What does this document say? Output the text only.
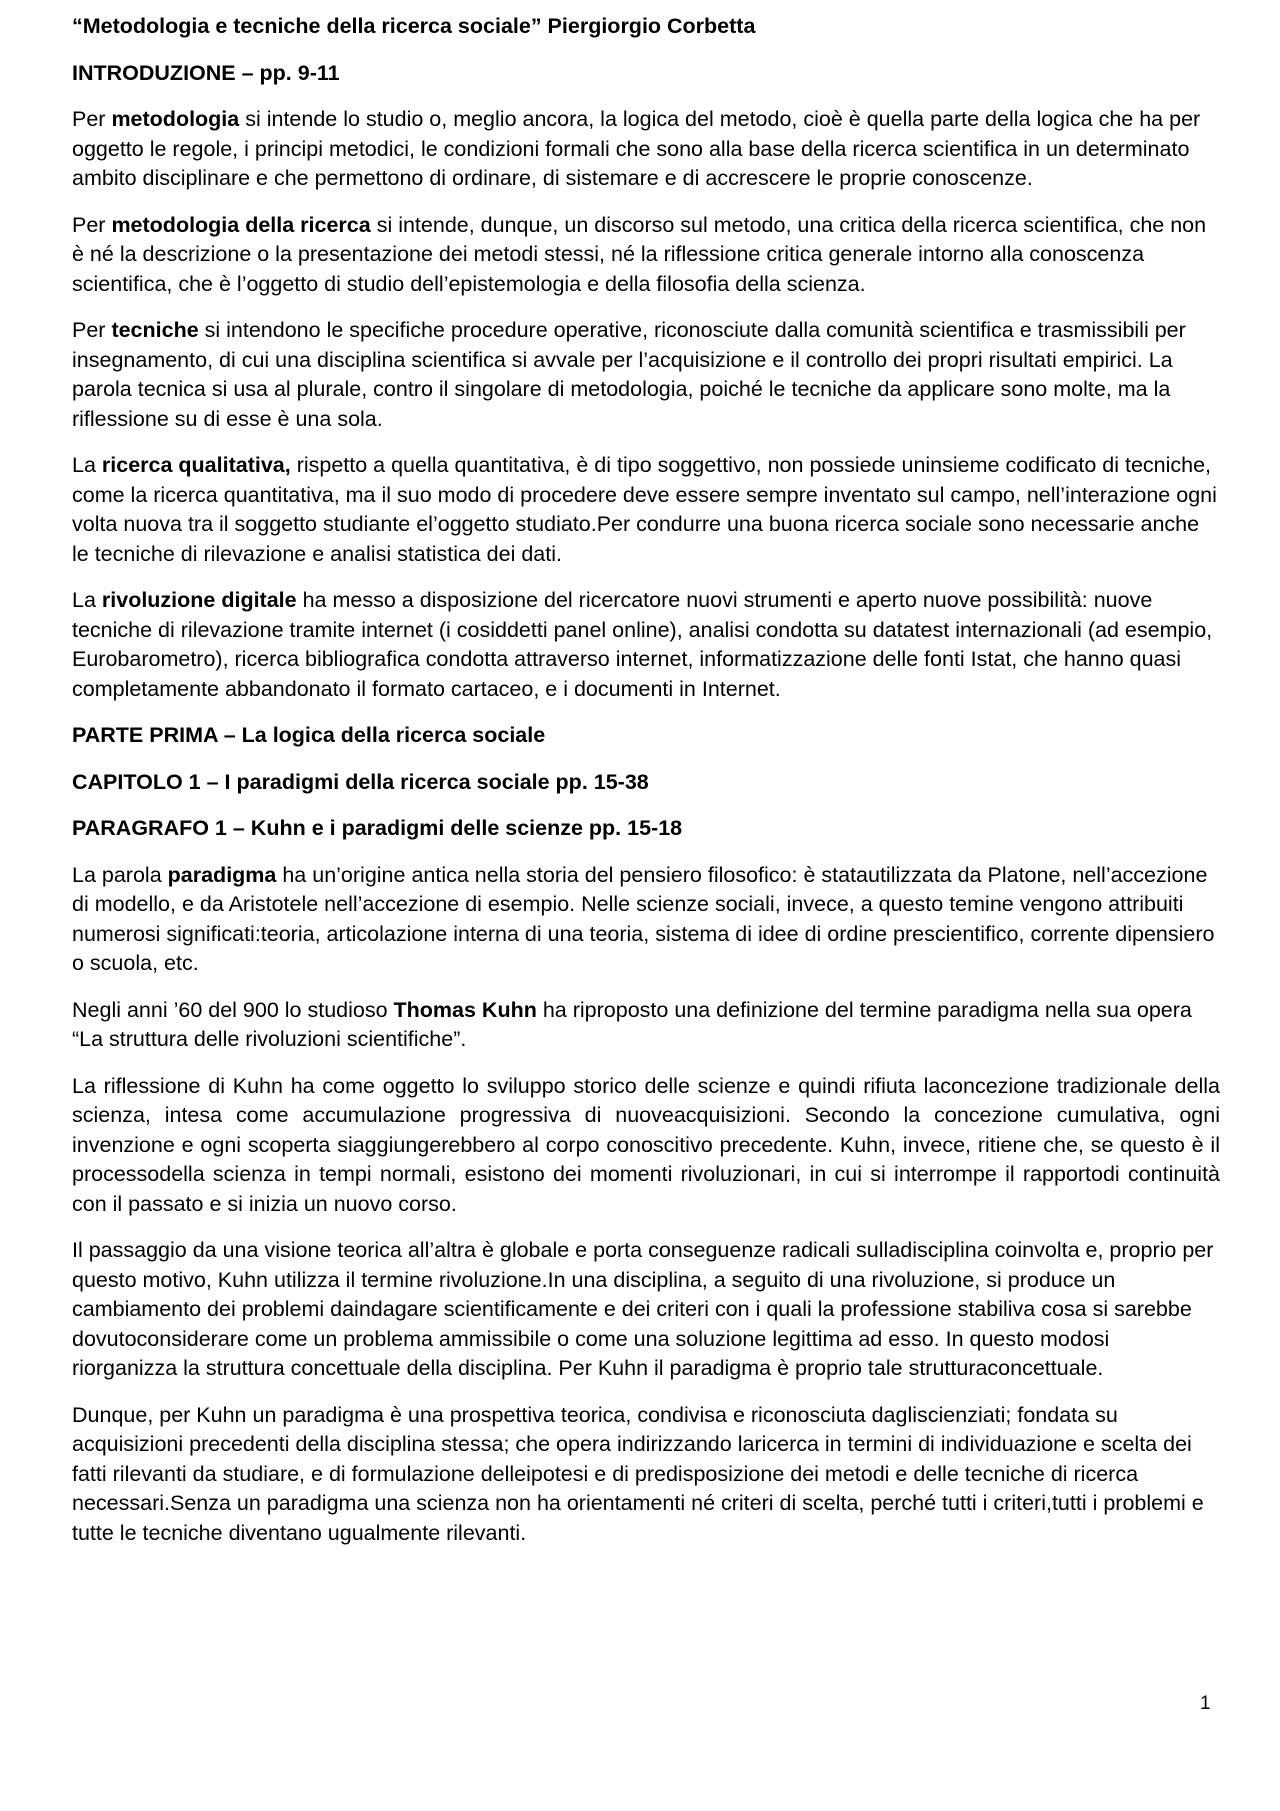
“Metodologia e tecniche della ricerca sociale” Piergiorgio Corbetta
INTRODUZIONE – pp. 9-11

Per metodologia si intende lo studio o, meglio ancora, la logica del metodo, cioè è quella parte della logica che ha per oggetto le regole, i principi metodici, le condizioni formali che sono alla base della ricerca scientifica in un determinato ambito disciplinare e che permettono di ordinare, di sistemare e di accrescere le proprie conoscenze.

Per metodologia della ricerca si intende, dunque, un discorso sul metodo, una critica della ricerca scientifica, che non è né la descrizione o la presentazione dei metodi stessi, né la riflessione critica generale intorno alla conoscenza scientifica, che è l’oggetto di studio dell’epistemologia e della filosofia della scienza.

Per tecniche si intendono le specifiche procedure operative, riconosciute dalla comunità scientifica e trasmissibili per insegnamento, di cui una disciplina scientifica si avvale per l’acquisizione e il controllo dei propri risultati empirici. La parola tecnica si usa al plurale, contro il singolare di metodologia, poiché le tecniche da applicare sono molte, ma la riflessione su di esse è una sola.

La ricerca qualitativa, rispetto a quella quantitativa, è di tipo soggettivo, non possiede uninsieme codificato di tecniche, come la ricerca quantitativa, ma il suo modo di procedere deve essere sempre inventato sul campo, nell’interazione ogni volta nuova tra il soggetto studiante el’oggetto studiato.Per condurre una buona ricerca sociale sono necessarie anche le tecniche di rilevazione e analisi statistica dei dati.

La rivoluzione digitale ha messo a disposizione del ricercatore nuovi strumenti e aperto nuove possibilità: nuove tecniche di rilevazione tramite internet (i cosiddetti panel online), analisi condotta su datatest internazionali (ad esempio, Eurobarometro), ricerca bibliografica condotta attraverso internet, informatizzazione delle fonti Istat, che hanno quasi completamente abbandonato il formato cartaceo, e i documenti in Internet.

PARTE PRIMA – La logica della ricerca sociale
CAPITOLO 1 – I paradigmi della ricerca sociale pp. 15-38
PARAGRAFO 1 – Kuhn e i paradigmi delle scienze pp. 15-18

La parola paradigma ha un’origine antica nella storia del pensiero filosofico: è statautilizzata da Platone, nell’accezione di modello, e da Aristotele nell’accezione di esempio. Nelle scienze sociali, invece, a questo temine vengono attribuiti numerosi significati:teoria, articolazione interna di una teoria, sistema di idee di ordine prescientifico, corrente dipensiero o scuola, etc.

Negli anni ’60 del 900 lo studioso Thomas Kuhn ha riproposto una definizione del termine paradigma nella sua opera “La struttura delle rivoluzioni scientifiche”.

La riflessione di Kuhn ha come oggetto lo sviluppo storico delle scienze e quindi rifiuta laconcezione tradizionale della scienza, intesa come accumulazione progressiva di nuoveacquisizioni. Secondo la concezione cumulativa, ogni invenzione e ogni scoperta siaggiungerebbero al corpo conoscitivo precedente. Kuhn, invece, ritiene che, se questo è il processodella scienza in tempi normali, esistono dei momenti rivoluzionari, in cui si interrompe il rapportodi continuità con il passato e si inizia un nuovo corso.

Il passaggio da una visione teorica all’altra è globale e porta conseguenze radicali sulladisciplina coinvolta e, proprio per questo motivo, Kuhn utilizza il termine rivoluzione.In una disciplina, a seguito di una rivoluzione, si produce un cambiamento dei problemi daindagare scientificamente e dei criteri con i quali la professione stabiliva cosa si sarebbe dovutoconsiderare come un problema ammissibile o come una soluzione legittima ad esso. In questo modosi riorganizza la struttura concettuale della disciplina. Per Kuhn il paradigma è proprio tale strutturaconcettuale.

Dunque, per Kuhn un paradigma è una prospettiva teorica, condivisa e riconosciuta dagliscienziati; fondata su acquisizioni precedenti della disciplina stessa; che opera indirizzando laricerca in termini di individuazione e scelta dei fatti rilevanti da studiare, e di formulazione delleipotesi e di predisposizione dei metodi e delle tecniche di ricerca necessari.Senza un paradigma una scienza non ha orientamenti né criteri di scelta, perché tutti i criteri,tutti i problemi e tutte le tecniche diventano ugualmente rilevanti.

1
